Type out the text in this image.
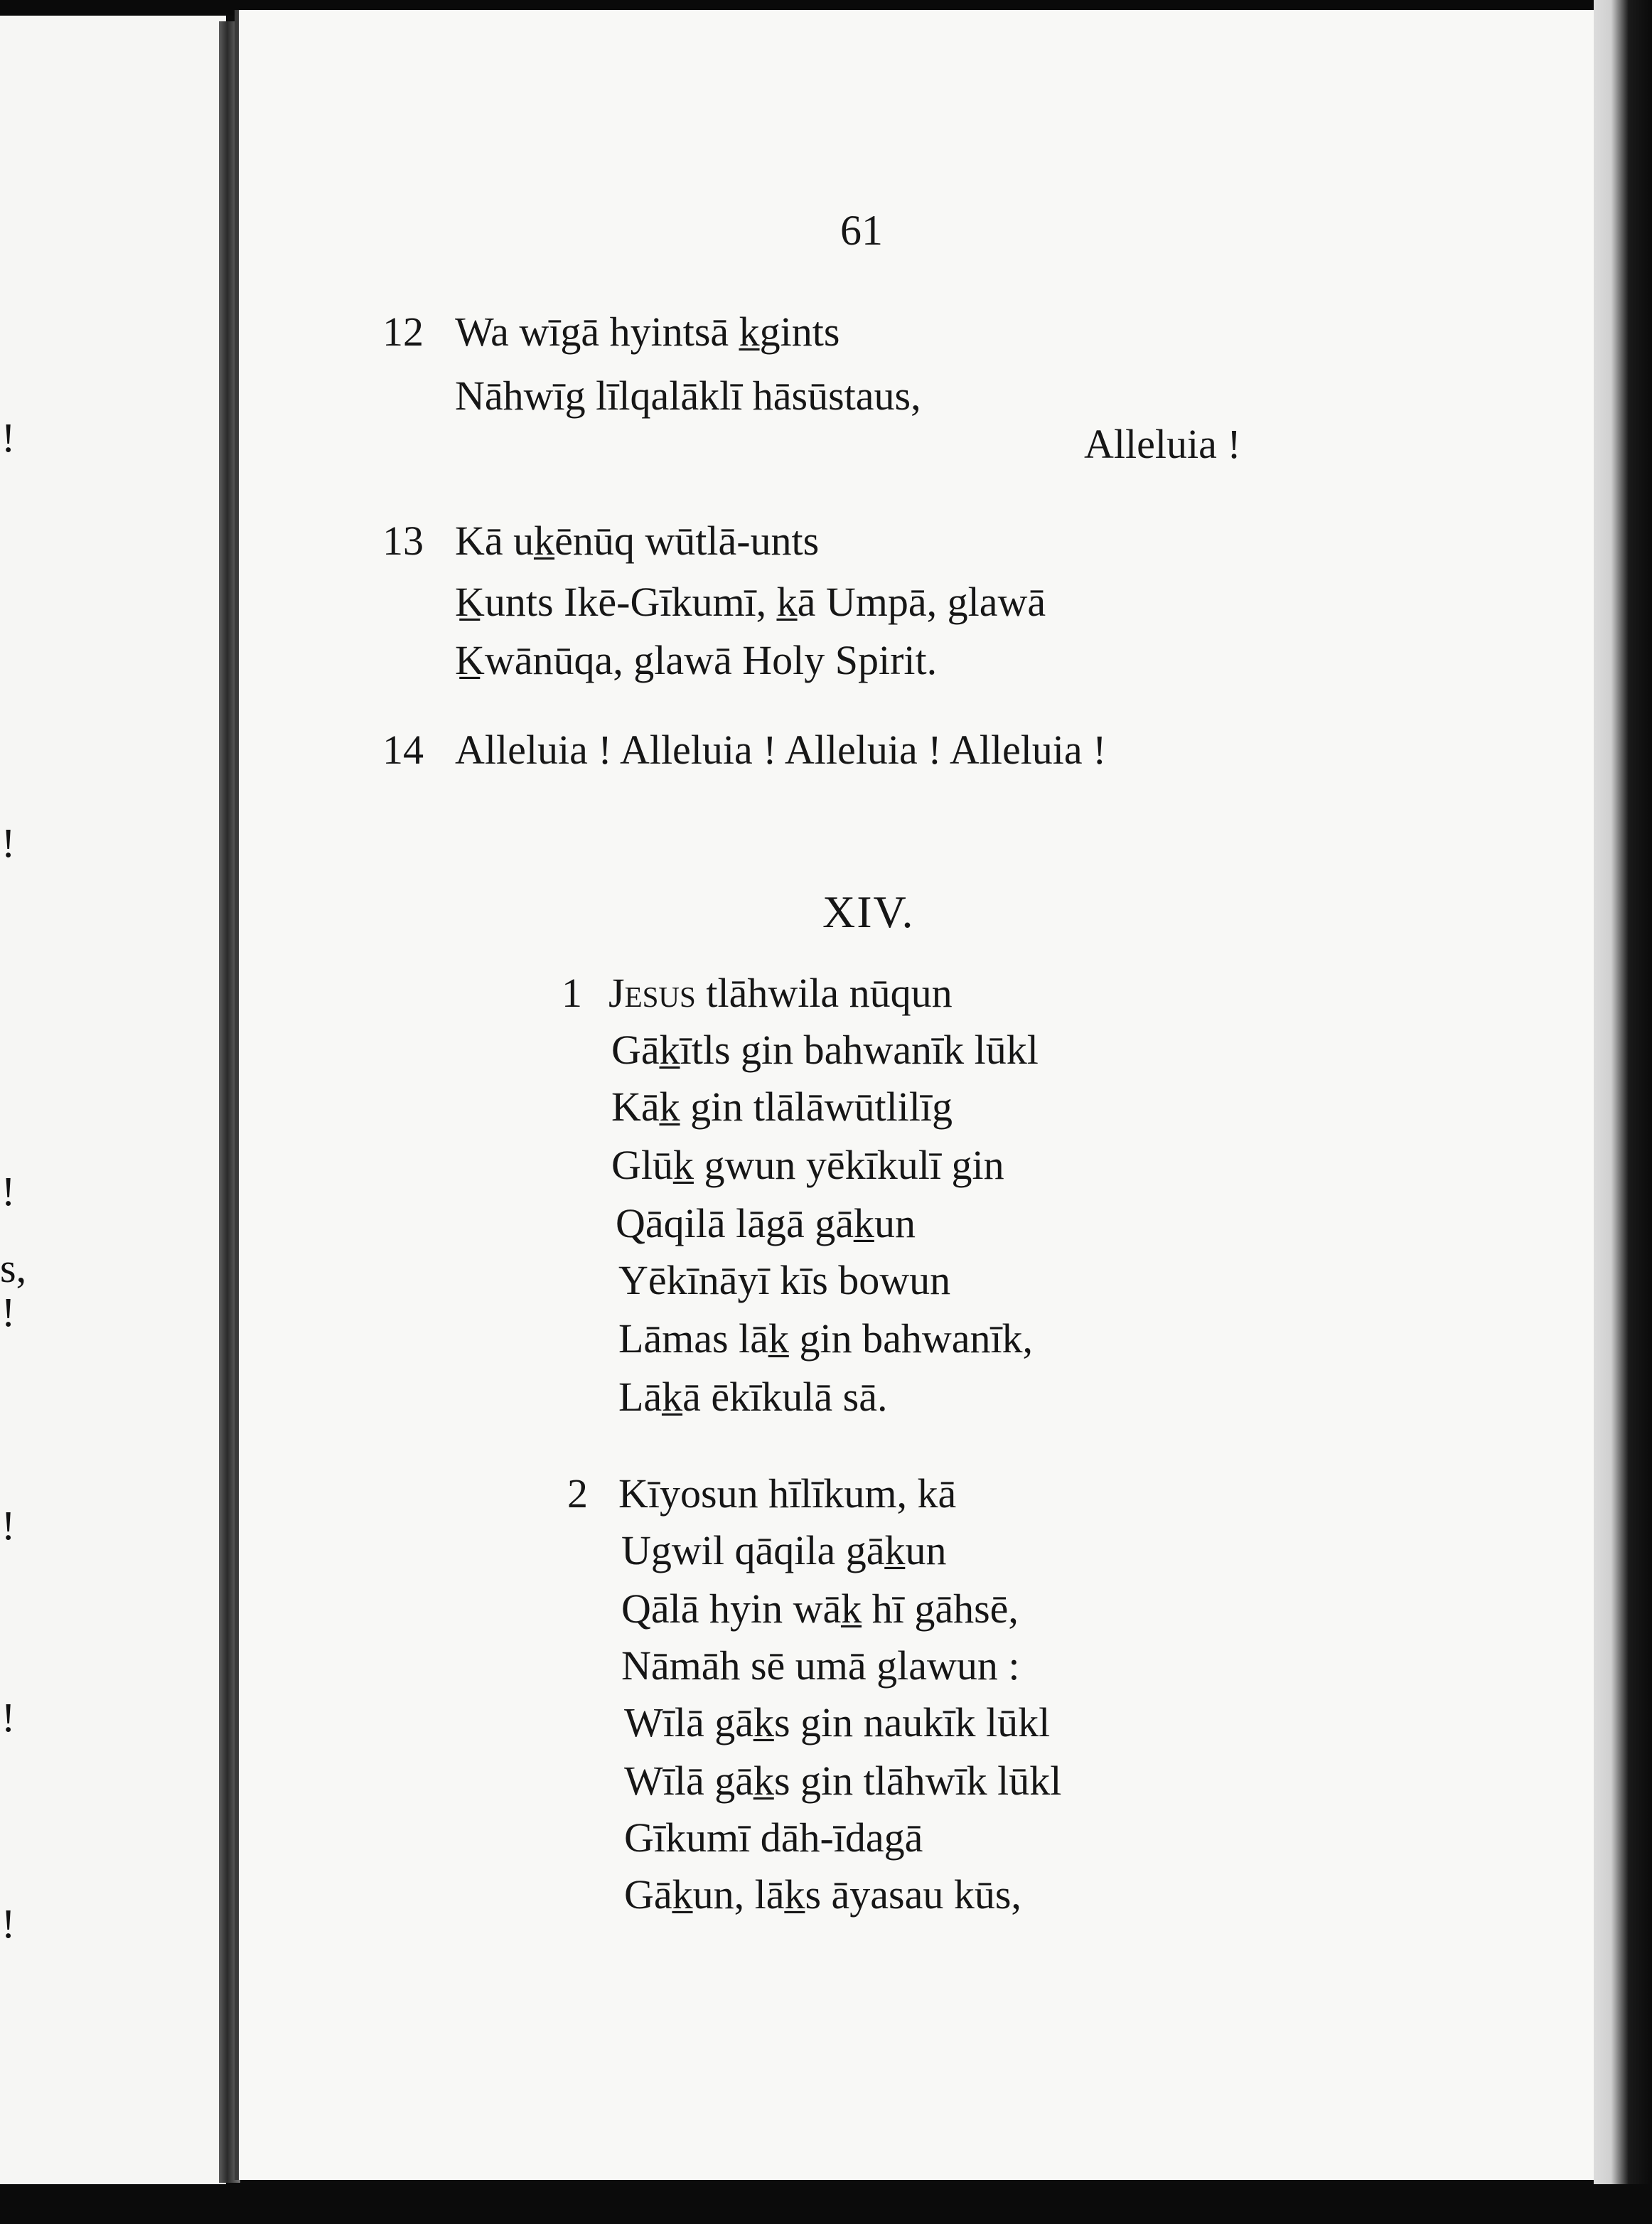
!
!
!
s,
!
!
!
!
61
12 Wa wīgā hyintsā k̲gints
Nāhwīg līlqalāklī hāsūstaus,
Alleluia !
13 Kā uk̲ēnūq wūtlā-unts
K̲unts Ikē-Gīkumī, k̲ā Umpā, glawā
K̲wānūqa, glawā Holy Spirit.
14 Alleluia ! Alleluia ! Alleluia ! Alleluia !
XIV.
1 Jesus tlāhwila nūqun
Gāk̲ītls gin bahwanīk lūkl
Kāk̲ gin tlālāwūtlilīg
Glūk̲ gwun yēkīkulī gin
Qāqilā lāgā gāk̲un
Yēkīnāyī kīs bowun
Lāmas lāk̲ gin bahwanīk,
Lāk̲ā ēkīkulā sā.
2 Kīyosun hīlīkum, kā
Ugwil qāqila gāk̲un
Qālā hyin wāk̲ hī gāhsē,
Nāmāh sē umā glawun :
Wīlā gāk̲s gin naukīk lūkl
Wīlā gāk̲s gin tlāhwīk lūkl
Gīkumī dāh-īdagā
Gāk̲un, lāk̲s āyasau kūs,
